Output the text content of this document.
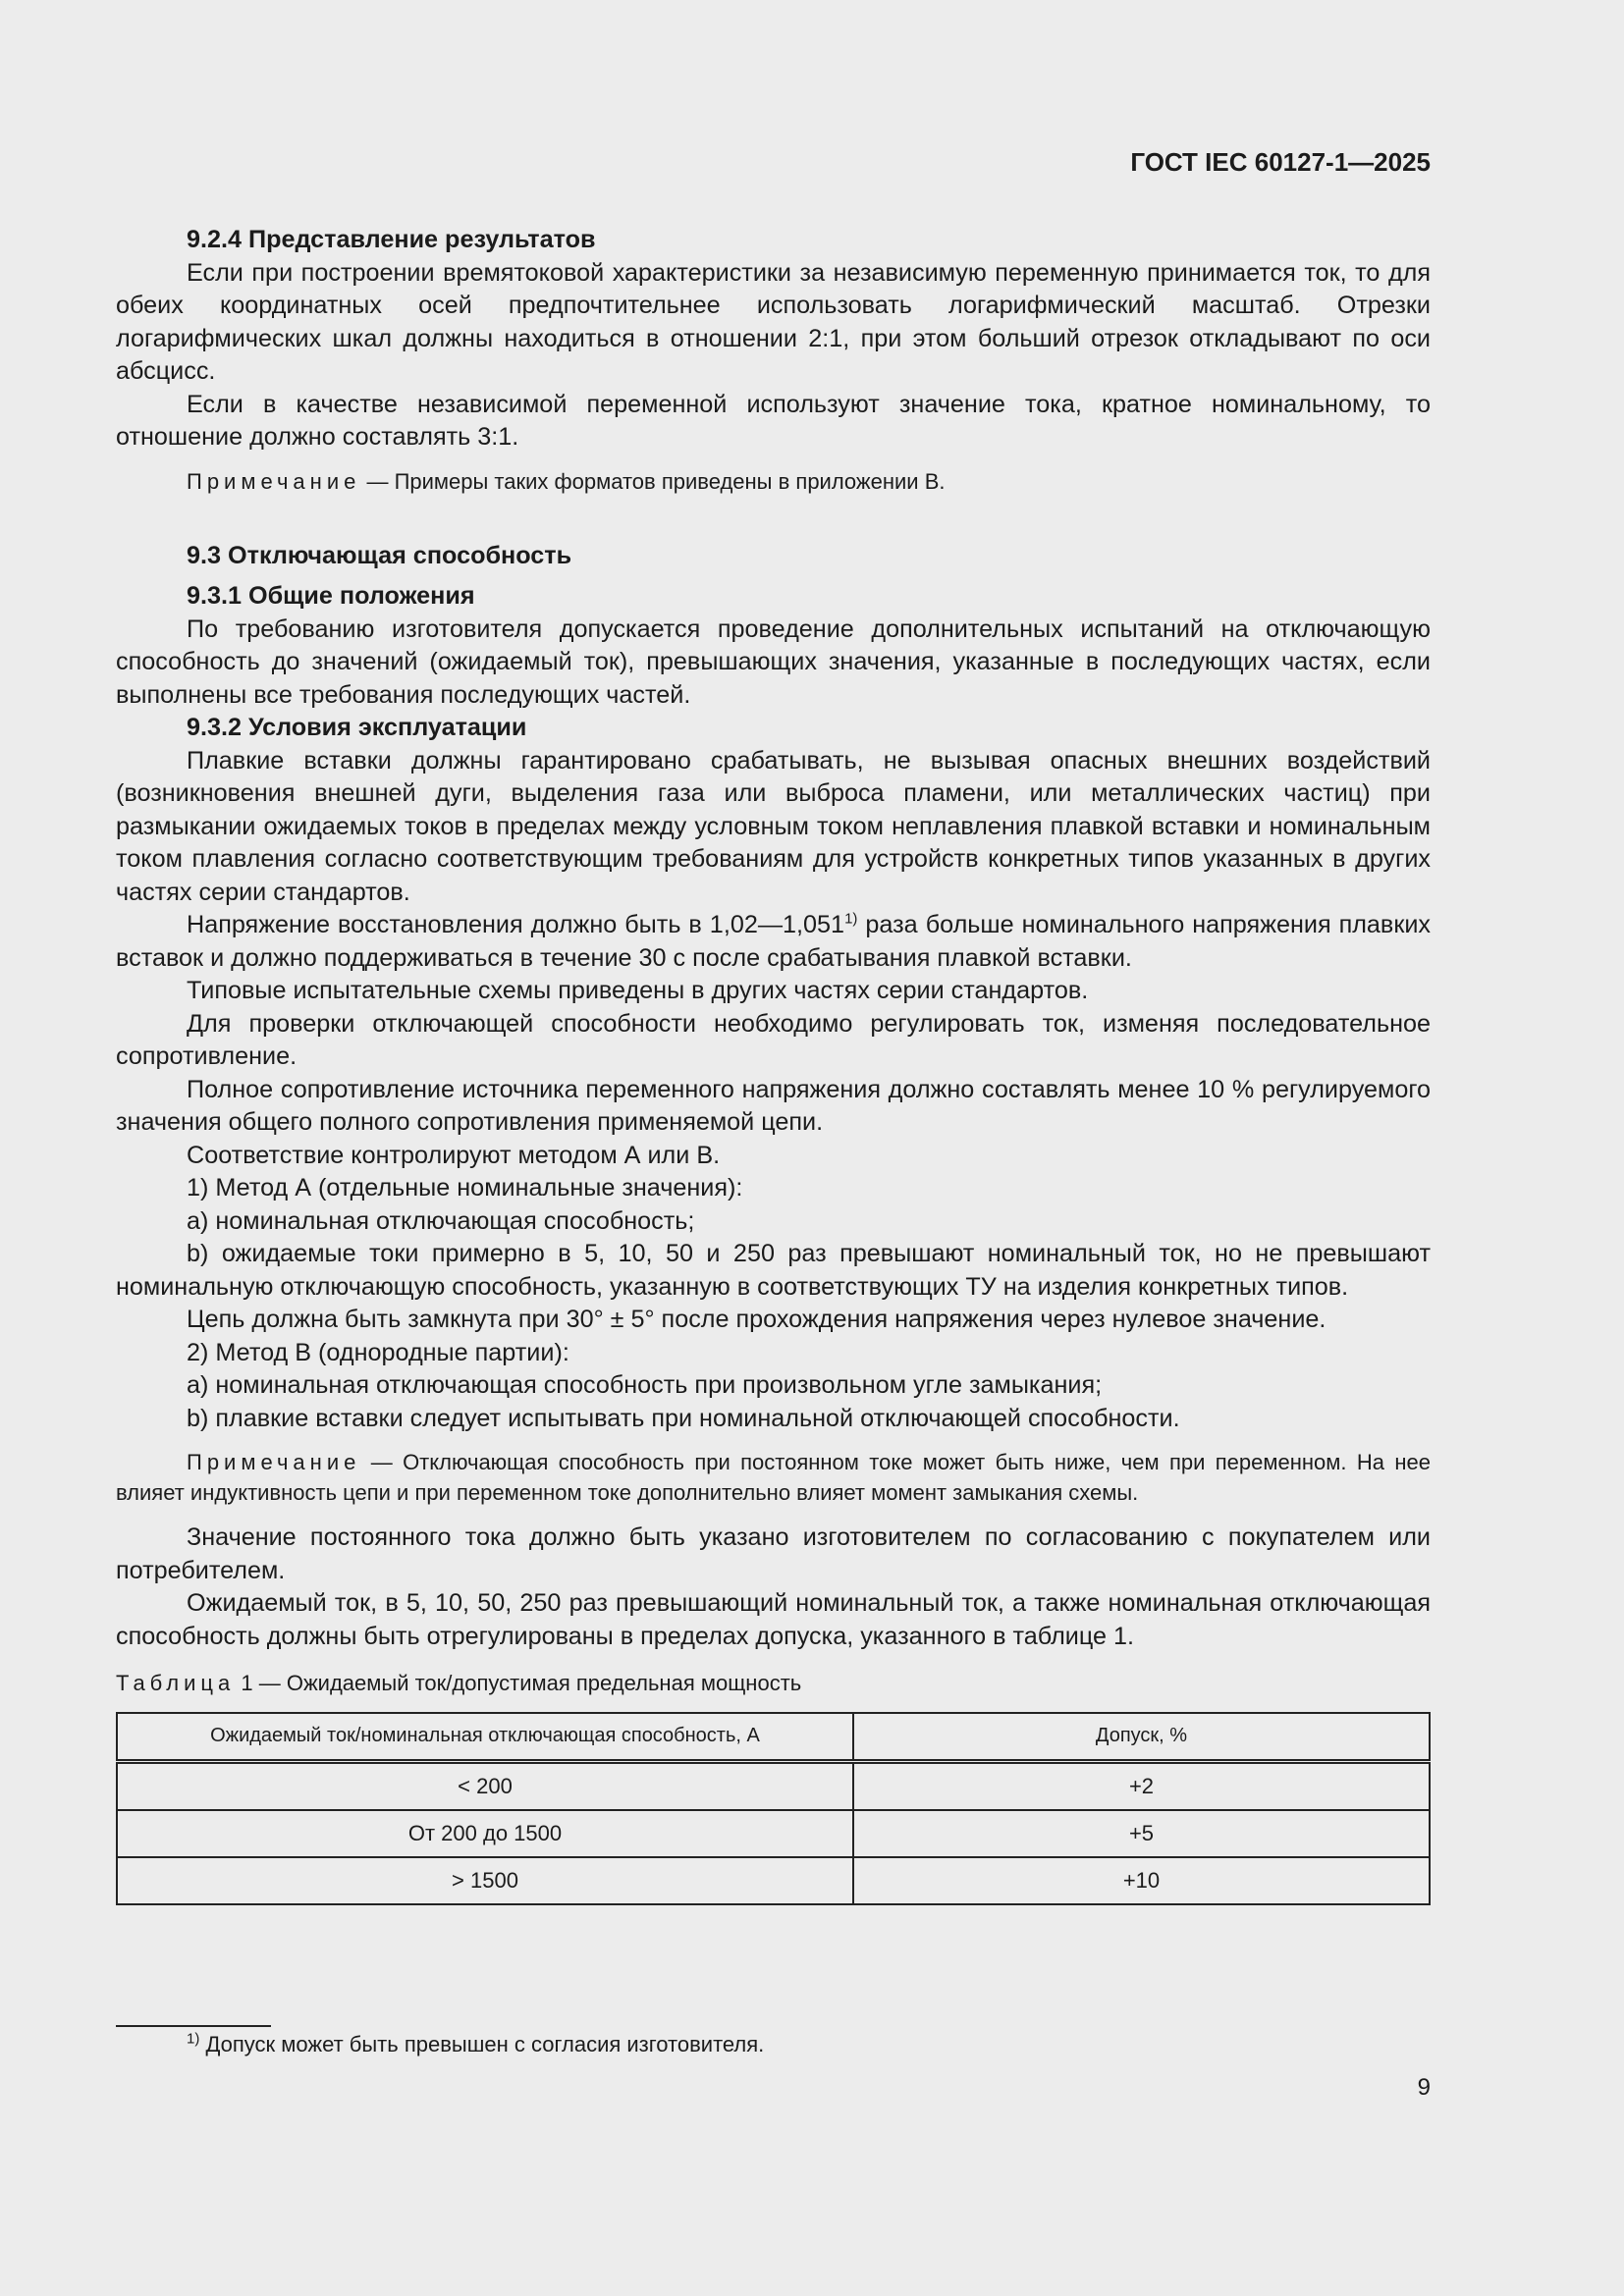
ГОСТ IEC 60127-1—2025
9.2.4 Представление результатов

Если при построении времятоковой характеристики за независимую переменную принимается ток, то для обеих координатных осей предпочтительнее использовать логарифмический масштаб. Отрезки логарифмических шкал должны находиться в отношении 2:1, при этом больший отрезок откладывают по оси абсцисс.

Если в качестве независимой переменной используют значение тока, кратное номинальному, то отношение должно составлять 3:1.

Примечание — Примеры таких форматов приведены в приложении В.
9.3 Отключающая способность
9.3.1 Общие положения

По требованию изготовителя допускается проведение дополнительных испытаний на отключающую способность до значений (ожидаемый ток), превышающих значения, указанные в последующих частях, если выполнены все требования последующих частей.

9.3.2 Условия эксплуатации

Плавкие вставки должны гарантировано срабатывать, не вызывая опасных внешних воздействий (возникновения внешней дуги, выделения газа или выброса пламени, или металлических частиц) при размыкании ожидаемых токов в пределах между условным током неплавления плавкой вставки и номинальным током плавления согласно соответствующим требованиям для устройств конкретных типов указанных в других частях серии стандартов.

Напряжение восстановления должно быть в 1,02—1,051$^{1)}$ раза больше номинального напряжения плавких вставок и должно поддерживаться в течение 30 с после срабатывания плавкой вставки.

Типовые испытательные схемы приведены в других частях серии стандартов.

Для проверки отключающей способности необходимо регулировать ток, изменяя последовательное сопротивление.

Полное сопротивление источника переменного напряжения должно составлять менее 10 % регулируемого значения общего полного сопротивления применяемой цепи.

Соответствие контролируют методом А или В.

1) Метод А (отдельные номинальные значения):

a) номинальная отключающая способность;

b) ожидаемые токи примерно в 5, 10, 50 и 250 раз превышают номинальный ток, но не превышают номинальную отключающую способность, указанную в соответствующих ТУ на изделия конкретных типов.

Цепь должна быть замкнута при 30° ± 5° после прохождения напряжения через нулевое значение.

2) Метод В (однородные партии):

a) номинальная отключающая способность при произвольном угле замыкания;

b) плавкие вставки следует испытывать при номинальной отключающей способности.

Примечание — Отключающая способность при постоянном токе может быть ниже, чем при переменном. На нее влияет индуктивность цепи и при переменном токе дополнительно влияет момент замыкания схемы.

Значение постоянного тока должно быть указано изготовителем по согласованию с покупателем или потребителем.

Ожидаемый ток, в 5, 10, 50, 250 раз превышающий номинальный ток, а также номинальная отключающая способность должны быть отрегулированы в пределах допуска, указанного в таблице 1.

Таблица 1 — Ожидаемый ток/допустимая предельная мощность

Ожидаемый ток/номинальная отключающая способность, А	Допуск, %
< 200	+2
От 200 до 1500	+5
> 1500	+10
$^{1)}$ Допуск может быть превышен с согласия изготовителя.
9
